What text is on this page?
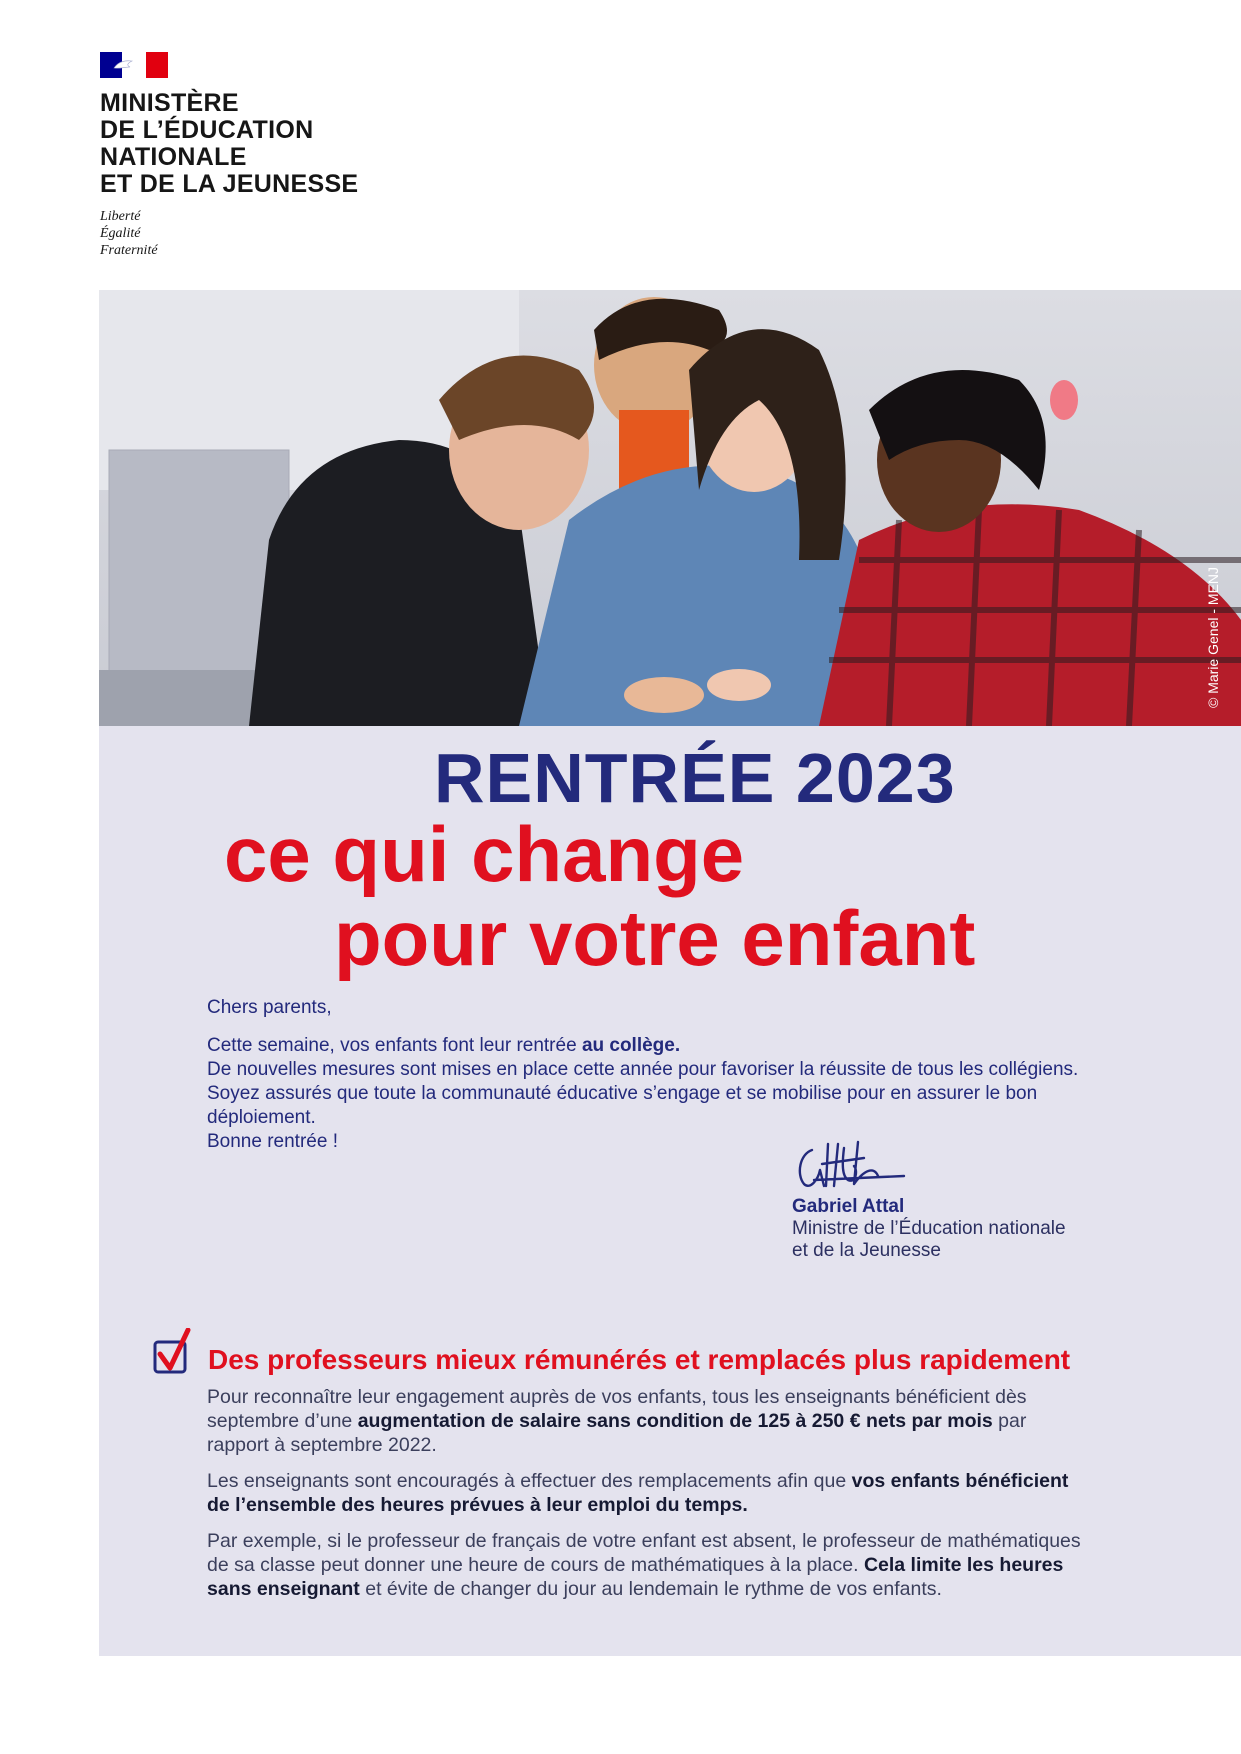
MINISTÈRE
DE L’ÉDUCATION
NATIONALE
ET DE LA JEUNESSE
Liberté
Égalité
Fraternité
© Marie Genel - MENJ
RENTRÉE 2023
ce qui change
pour votre enfant

Chers parents,

Cette semaine, vos enfants font leur rentrée au collège.

De nouvelles mesures sont mises en place cette année pour favoriser la réussite de tous les collégiens.

Soyez assurés que toute la communauté éducative s’engage et se mobilise pour en assurer le bon déploiement.

Bonne rentrée !

Gabriel Attal
Ministre de l’Éducation nationale
et de la Jeunesse
Des professeurs mieux rémunérés et remplacés plus rapidement

Pour reconnaître leur engagement auprès de vos enfants, tous les enseignants bénéficient dès septembre d’une augmentation de salaire sans condition de 125 à 250 € nets par mois par rapport à septembre 2022.

Les enseignants sont encouragés à effectuer des remplacements afin que vos enfants bénéficient de l’ensemble des heures prévues à leur emploi du temps.

Par exemple, si le professeur de français de votre enfant est absent, le professeur de mathématiques de sa classe peut donner une heure de cours de mathématiques à la place. Cela limite les heures sans enseignant et évite de changer du jour au lendemain le rythme de vos enfants.
